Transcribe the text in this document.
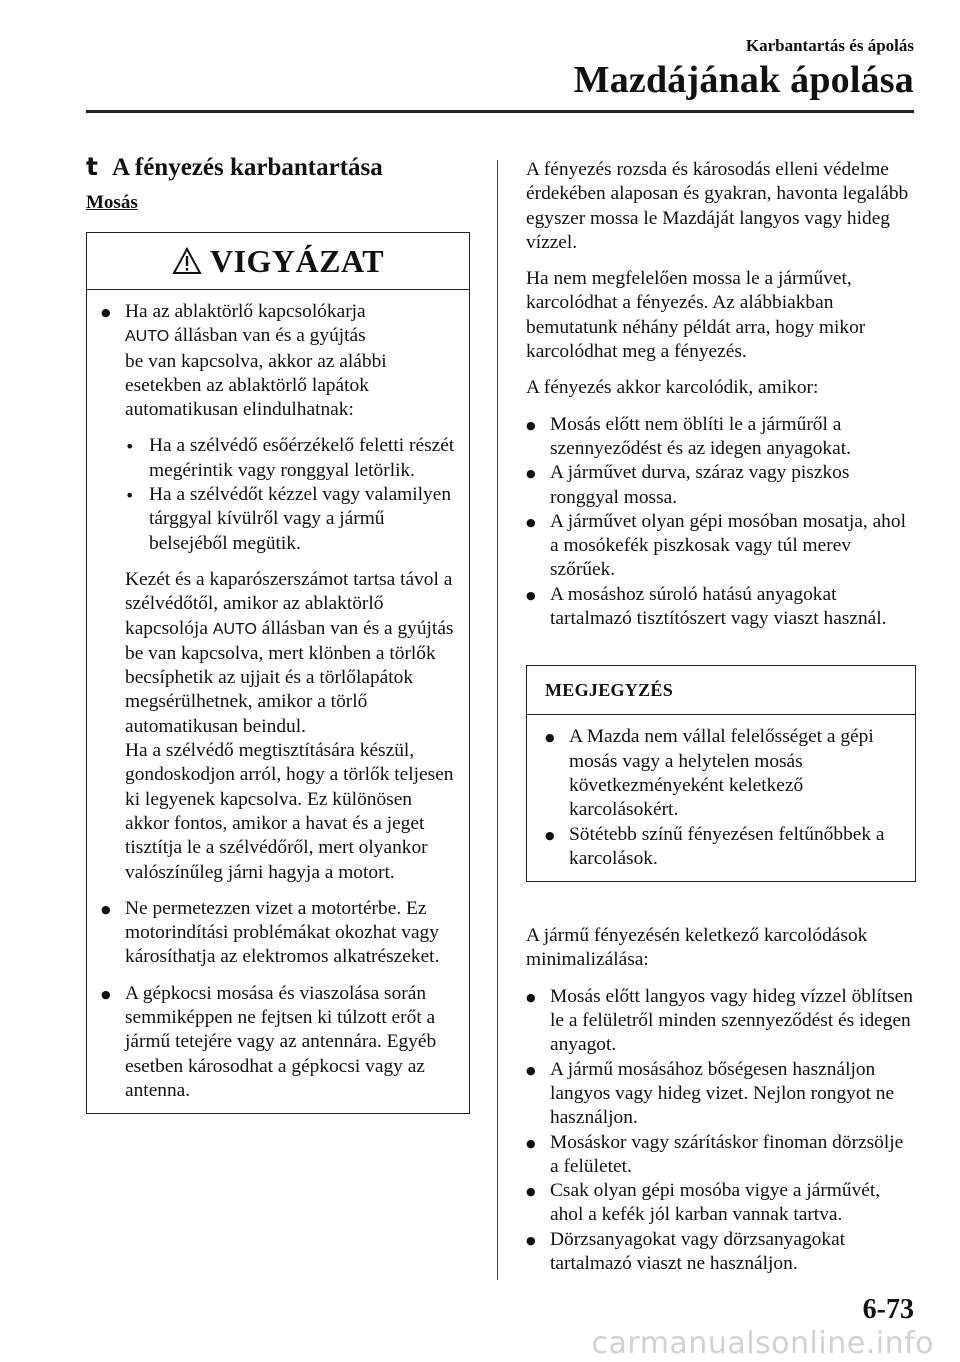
Karbantartás és ápolás
Mazdájának ápolása
t A fényezés karbantartása
Mosás
VIGYÁZAT
● Ha az ablaktörlő kapcsolókarja
AUTO állásban van és a gyújtás
be van kapcsolva, akkor az alábbi esetekben az ablaktörlő lapátok automatikusan elindulhatnak:
• Ha a szélvédő esőérzékelő feletti részét megérintik vagy ronggyal letörlik.
• Ha a szélvédőt kézzel vagy valamilyen tárggyal kívülről vagy a jármű belsejéből megütik.
Kezét és a kaparószerszámot tartsa távol a szélvédőtől, amikor az ablaktörlő kapcsolója AUTO állásban van és a gyújtás be van kapcsolva, mert klönben a törlők becsíphetik az ujjait és a törlőlapátok megsérülhetnek, amikor a törlő automatikusan beindul.
Ha a szélvédő megtisztítására készül, gondoskodjon arról, hogy a törlők teljesen ki legyenek kapcsolva. Ez különösen akkor fontos, amikor a havat és a jeget tisztítja le a szélvédőről, mert olyankor valószínűleg járni hagyja a motort.
● Ne permetezzen vizet a motortérbe. Ez motorindítási problémákat okozhat vagy károsíthatja az elektromos alkatrészeket.
● A gépkocsi mosása és viaszolása során semmiképpen ne fejtsen ki túlzott erőt a jármű tetejére vagy az antennára. Egyéb esetben károsodhat a gépkocsi vagy az antenna.
A fényezés rozsda és károsodás elleni védelme érdekében alaposan és gyakran, havonta legalább egyszer mossa le Mazdáját langyos vagy hideg vízzel.
Ha nem megfelelően mossa le a járművet, karcolódhat a fényezés. Az alábbiakban bemutatunk néhány példát arra, hogy mikor karcolódhat meg a fényezés.
A fényezés akkor karcolódik, amikor:
● Mosás előtt nem öblíti le a járműről a szennyeződést és az idegen anyagokat.
● A járművet durva, száraz vagy piszkos ronggyal mossa.
● A járművet olyan gépi mosóban mosatja, ahol a mosókefék piszkosak vagy túl merev szőrűek.
● A mosáshoz súroló hatású anyagokat tartalmazó tisztítószert vagy viaszt használ.
MEGJEGYZÉS
● A Mazda nem vállal felelősséget a gépi mosás vagy a helytelen mosás következményeként keletkező karcolásokért.
● Sötétebb színű fényezésen feltűnőbbek a karcolások.
A jármű fényezésén keletkező karcolódások minimalizálása:
● Mosás előtt langyos vagy hideg vízzel öblítsen le a felületről minden szennyeződést és idegen anyagot.
● A jármű mosásához bőségesen használjon langyos vagy hideg vizet. Nejlon rongyot ne használjon.
● Mosáskor vagy szárításkor finoman dörzsölje a felületet.
● Csak olyan gépi mosóba vigye a járművét, ahol a kefék jól karban vannak tartva.
● Dörzsanyagokat vagy dörzsanyagokat tartalmazó viaszt ne használjon.
6-73
carmanualsonline.info
